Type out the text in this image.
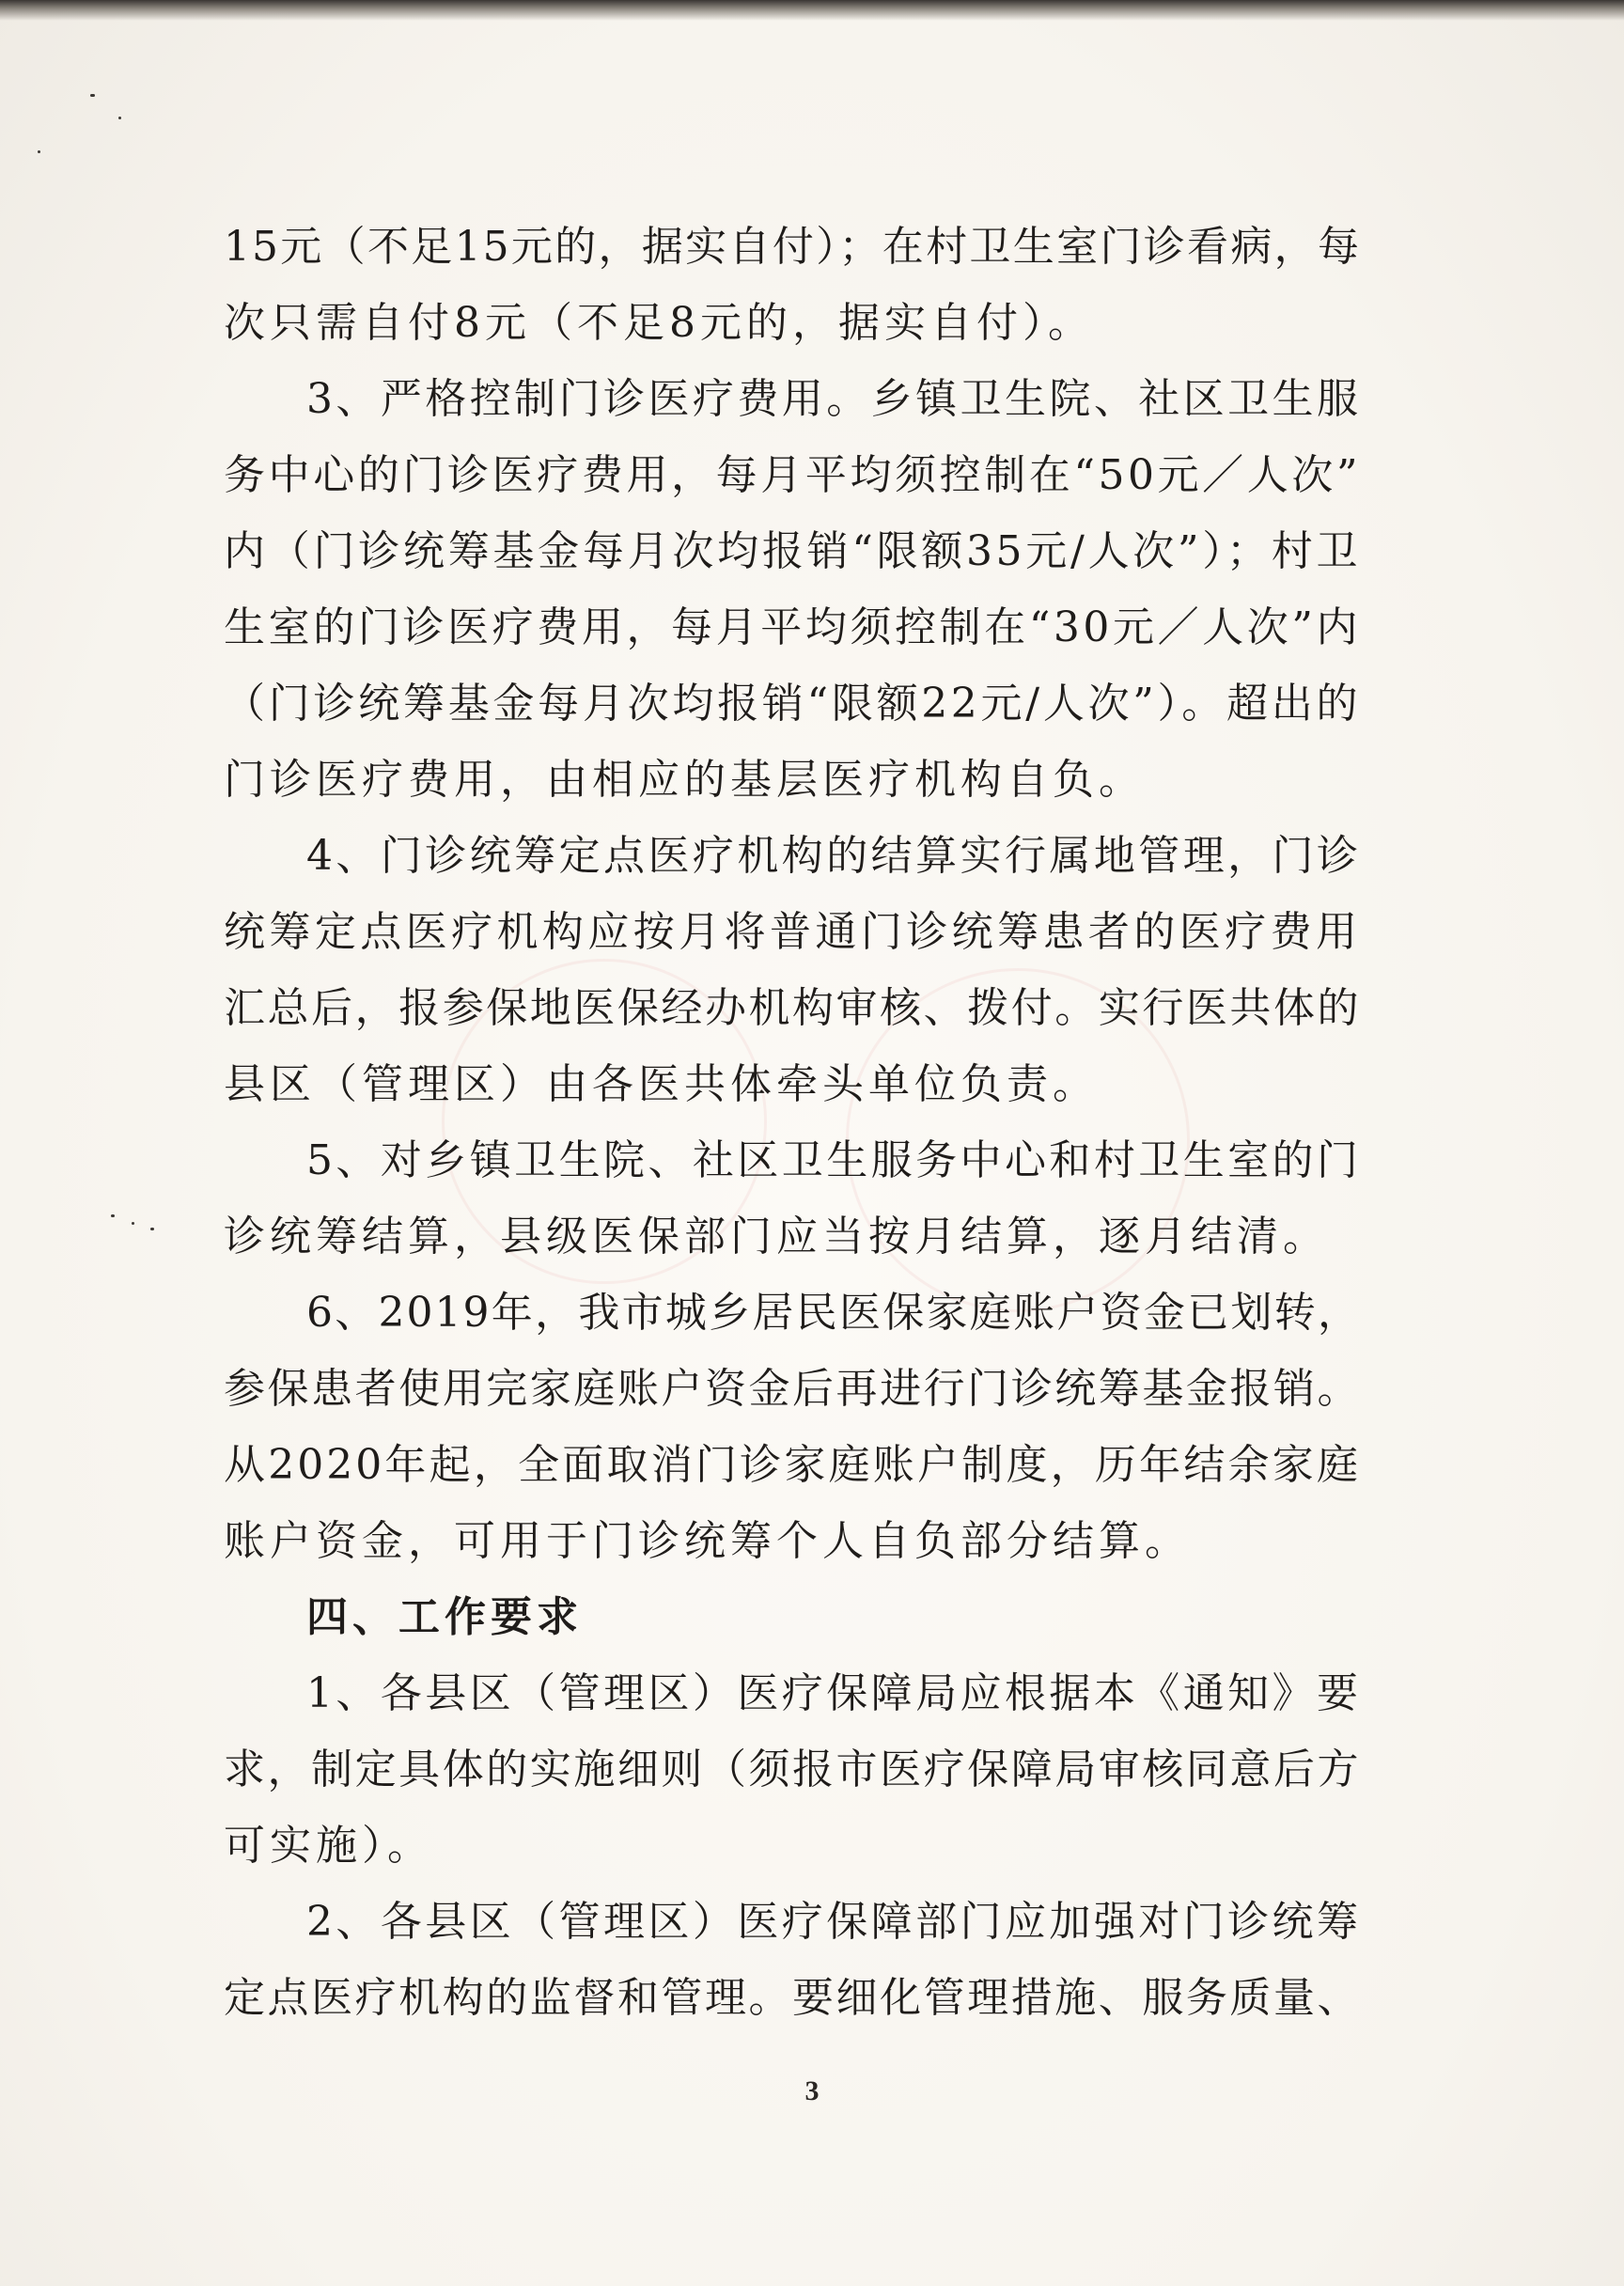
15元（不足15元的，据实自付）；在村卫生室门诊看病，每
次只需自付8元（不足8元的，据实自付）。
3、严格控制门诊医疗费用。乡镇卫生院、社区卫生服
务中心的门诊医疗费用，每月平均须控制在“50元／人次”
内（门诊统筹基金每月次均报销“限额35元/人次”）；村卫
生室的门诊医疗费用，每月平均须控制在“30元／人次”内
（门诊统筹基金每月次均报销“限额22元/人次”）。超出的
门诊医疗费用，由相应的基层医疗机构自负。
4、门诊统筹定点医疗机构的结算实行属地管理，门诊
统筹定点医疗机构应按月将普通门诊统筹患者的医疗费用
汇总后，报参保地医保经办机构审核、拨付。实行医共体的
县区（管理区）由各医共体牵头单位负责。
5、对乡镇卫生院、社区卫生服务中心和村卫生室的门
诊统筹结算，县级医保部门应当按月结算，逐月结清。
6、2019年，我市城乡居民医保家庭账户资金已划转，
参保患者使用完家庭账户资金后再进行门诊统筹基金报销。
从2020年起，全面取消门诊家庭账户制度，历年结余家庭
账户资金，可用于门诊统筹个人自负部分结算。
四、工作要求
1、各县区（管理区）医疗保障局应根据本《通知》要
求，制定具体的实施细则（须报市医疗保障局审核同意后方
可实施）。
2、各县区（管理区）医疗保障部门应加强对门诊统筹
定点医疗机构的监督和管理。要细化管理措施、服务质量、
3
